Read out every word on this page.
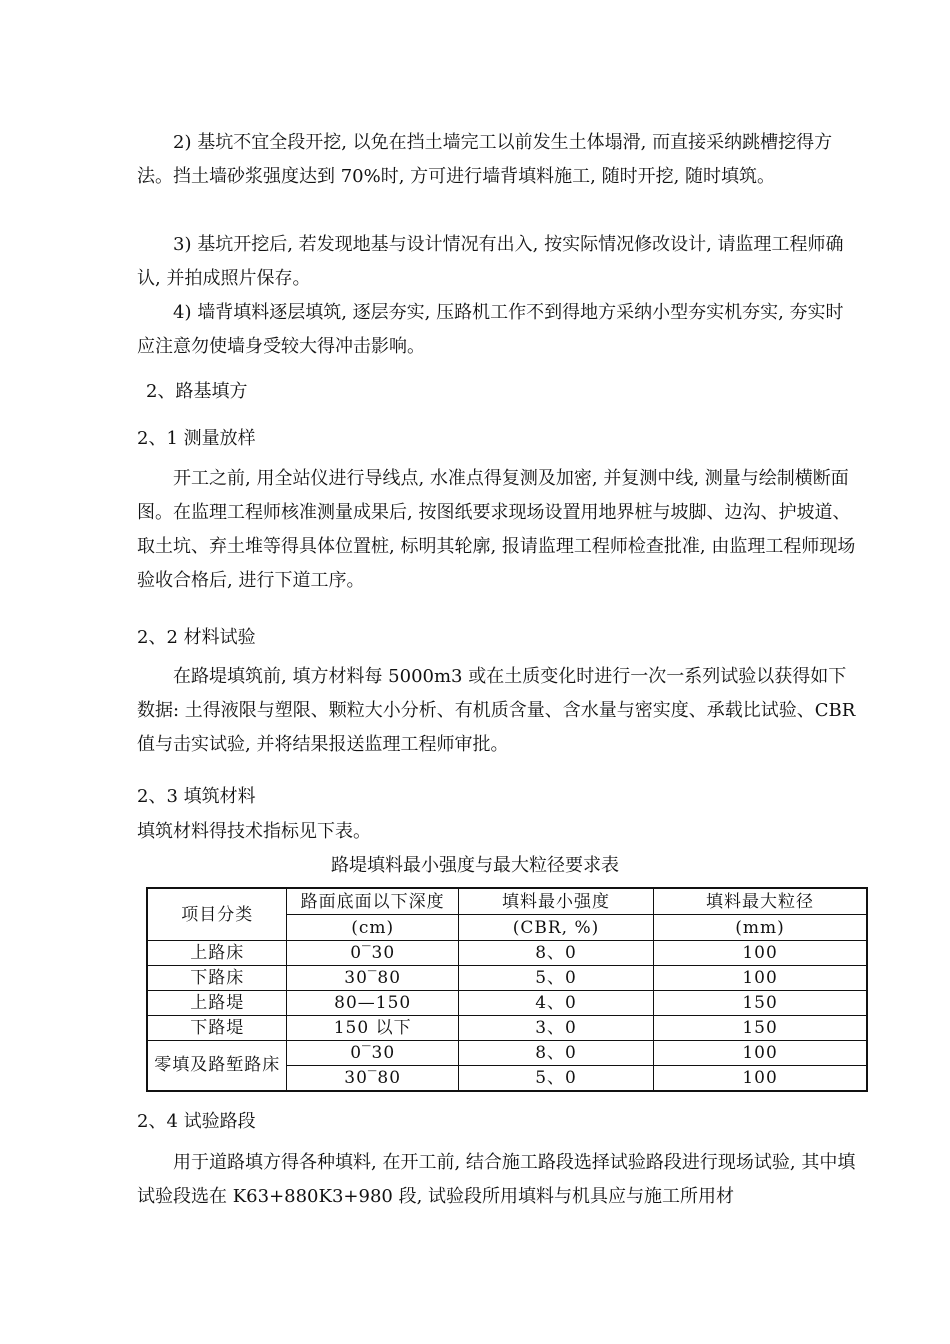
2) 基坑不宜全段开挖, 以免在挡土墙完工以前发生土体塌滑, 而直接采纳跳槽挖得方法。挡土墙砂浆强度达到 70%时, 方可进行墙背填料施工, 随时开挖, 随时填筑。

3) 基坑开挖后, 若发现地基与设计情况有出入, 按实际情况修改设计, 请监理工程师确认, 并拍成照片保存。

4) 墙背填料逐层填筑, 逐层夯实, 压路机工作不到得地方采纳小型夯实机夯实, 夯实时应注意勿使墙身受较大得冲击影响。

2、路基填方
2、1 测量放样

开工之前, 用全站仪进行导线点, 水准点得复测及加密, 并复测中线, 测量与绘制横断面图。在监理工程师核准测量成果后, 按图纸要求现场设置用地界桩与坡脚、边沟、护坡道、取土坑、弃土堆等得具体位置桩, 标明其轮廓, 报请监理工程师检查批准, 由监理工程师现场验收合格后, 进行下道工序。

2、2 材料试验

在路堤填筑前, 填方材料每 5000m3 或在土质变化时进行一次一系列试验以获得如下数据: 土得液限与塑限、颗粒大小分析、有机质含量、含水量与密实度、承载比试验、CBR 值与击实试验, 并将结果报送监理工程师审批。

2、3 填筑材料

填筑材料得技术指标见下表。

路堤填料最小强度与最大粒径要求表
项目分类	路面底面以下深度	填料最小强度	填料最大粒径
	(cm)	(CBR, %)	(mm)
上路床	0‾30	8、0	100
下路床	30‾80	5、0	100
上路堤	80—150	4、0	150
下路堤	150 以下	3、0	150
零填及路堑路床	0‾30	8、0	100
	30‾80	5、0	100
2、4 试验路段

用于道路填方得各种填料, 在开工前, 结合施工路段选择试验路段进行现场试验, 其中填试验段选在 K63+880K3+980 段, 试验段所用填料与机具应与施工所用材
